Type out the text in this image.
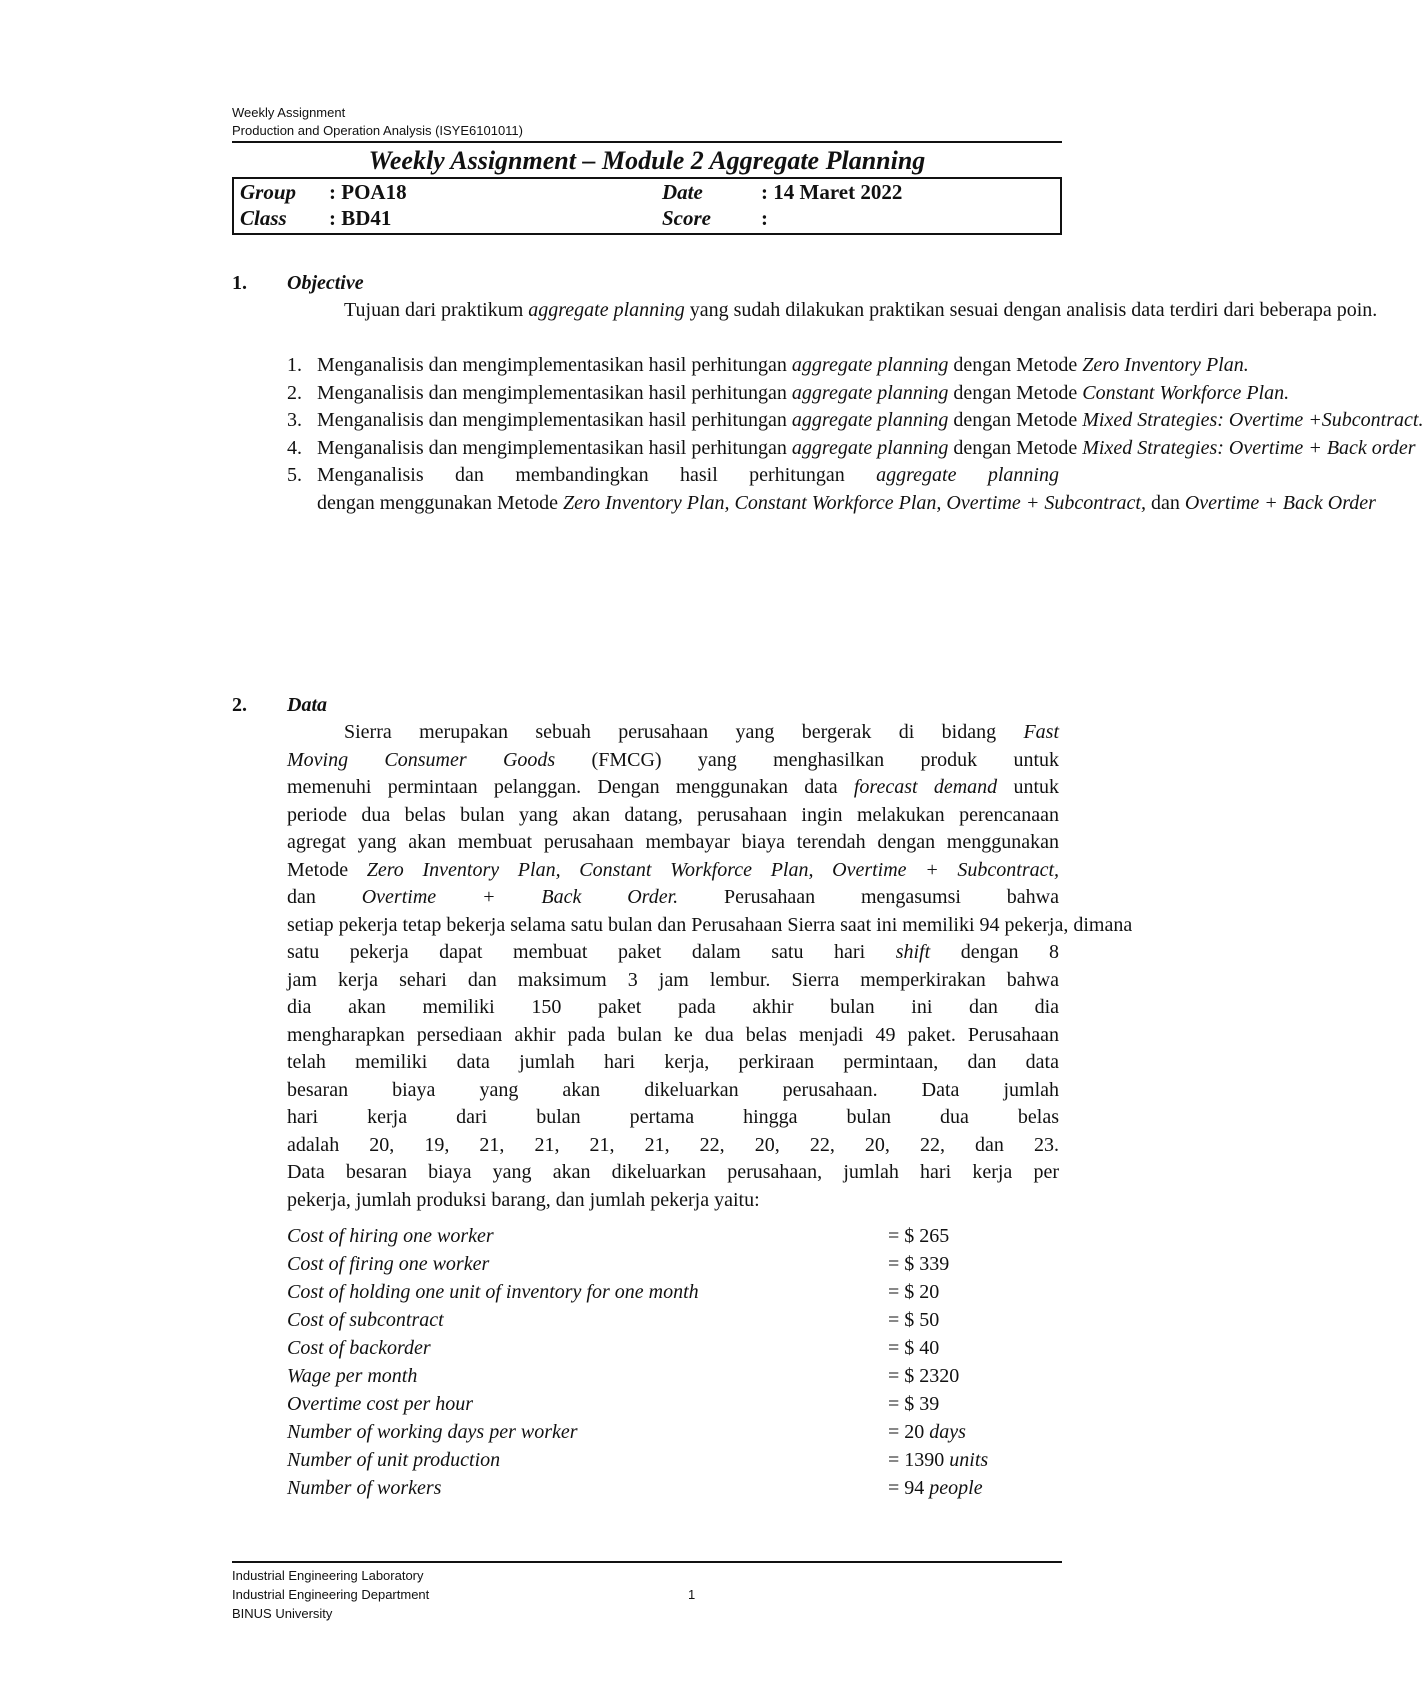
Weekly Assignment
Production and Operation Analysis (ISYE6101011)
Weekly Assignment – Module 2 Aggregate Planning
Group : POA18	Date	: 14 Maret 2022
Class : BD41	Score :
1. Objective
Tujuan dari praktikum aggregate planning yang sudah dilakukan praktikan sesuai dengan analisis data terdiri dari beberapa poin.
1. Menganalisis dan mengimplementasikan hasil perhitungan aggregate planning dengan Metode Zero Inventory Plan.
2. Menganalisis dan mengimplementasikan hasil perhitungan aggregate planning dengan Metode Constant Workforce Plan.
3. Menganalisis dan mengimplementasikan hasil perhitungan aggregate planning dengan Metode Mixed Strategies: Overtime +Subcontract.
4. Menganalisis dan mengimplementasikan hasil perhitungan aggregate planning dengan Metode Mixed Strategies: Overtime + Back order
5. Menganalisis dan membandingkan hasil perhitungan aggregate planning
dengan menggunakan Metode Zero Inventory Plan, Constant Workforce Plan, Overtime + Subcontract, dan Overtime + Back Order
2. Data
Sierra merupakan sebuah perusahaan yang bergerak di bidang Fast
Moving Consumer Goods (FMCG) yang menghasilkan produk untuk
memenuhi permintaan pelanggan. Dengan menggunakan data forecast demand untuk
periode dua belas bulan yang akan datang, perusahaan ingin melakukan perencanaan
agregat yang akan membuat perusahaan membayar biaya terendah dengan menggunakan
Metode Zero Inventory Plan, Constant Workforce Plan, Overtime + Subcontract,
dan Overtime + Back Order. Perusahaan mengasumsi bahwa
setiap pekerja tetap bekerja selama satu bulan dan Perusahaan Sierra saat ini memiliki 94 pekerja, dimana
satu pekerja dapat membuat paket dalam satu hari shift dengan 8
jam kerja sehari dan maksimum 3 jam lembur. Sierra memperkirakan bahwa
dia akan memiliki 150 paket pada akhir bulan ini dan dia
mengharapkan persediaan akhir pada bulan ke dua belas menjadi 49 paket. Perusahaan
telah memiliki data jumlah hari kerja, perkiraan permintaan, dan data
besaran biaya yang akan dikeluarkan perusahaan. Data jumlah
hari kerja dari bulan pertama hingga bulan dua belas
adalah 20, 19, 21, 21, 21, 21, 22, 20, 22, 20, 22, dan 23.
Data besaran biaya yang akan dikeluarkan perusahaan, jumlah hari kerja per
pekerja, jumlah produksi barang, dan jumlah pekerja yaitu:
Cost of hiring one worker	= $ 265
Cost of firing one worker	= $ 339
Cost of holding one unit of inventory for one month	= $ 20
Cost of subcontract	= $ 50
Cost of backorder	= $ 40
Wage per month	= $ 2320
Overtime cost per hour	= $ 39
Number of working days per worker	= 20 days
Number of unit production	= 1390 units
Number of workers	= 94 people
Industrial Engineering Laboratory
Industrial Engineering Department
BINUS University
1
